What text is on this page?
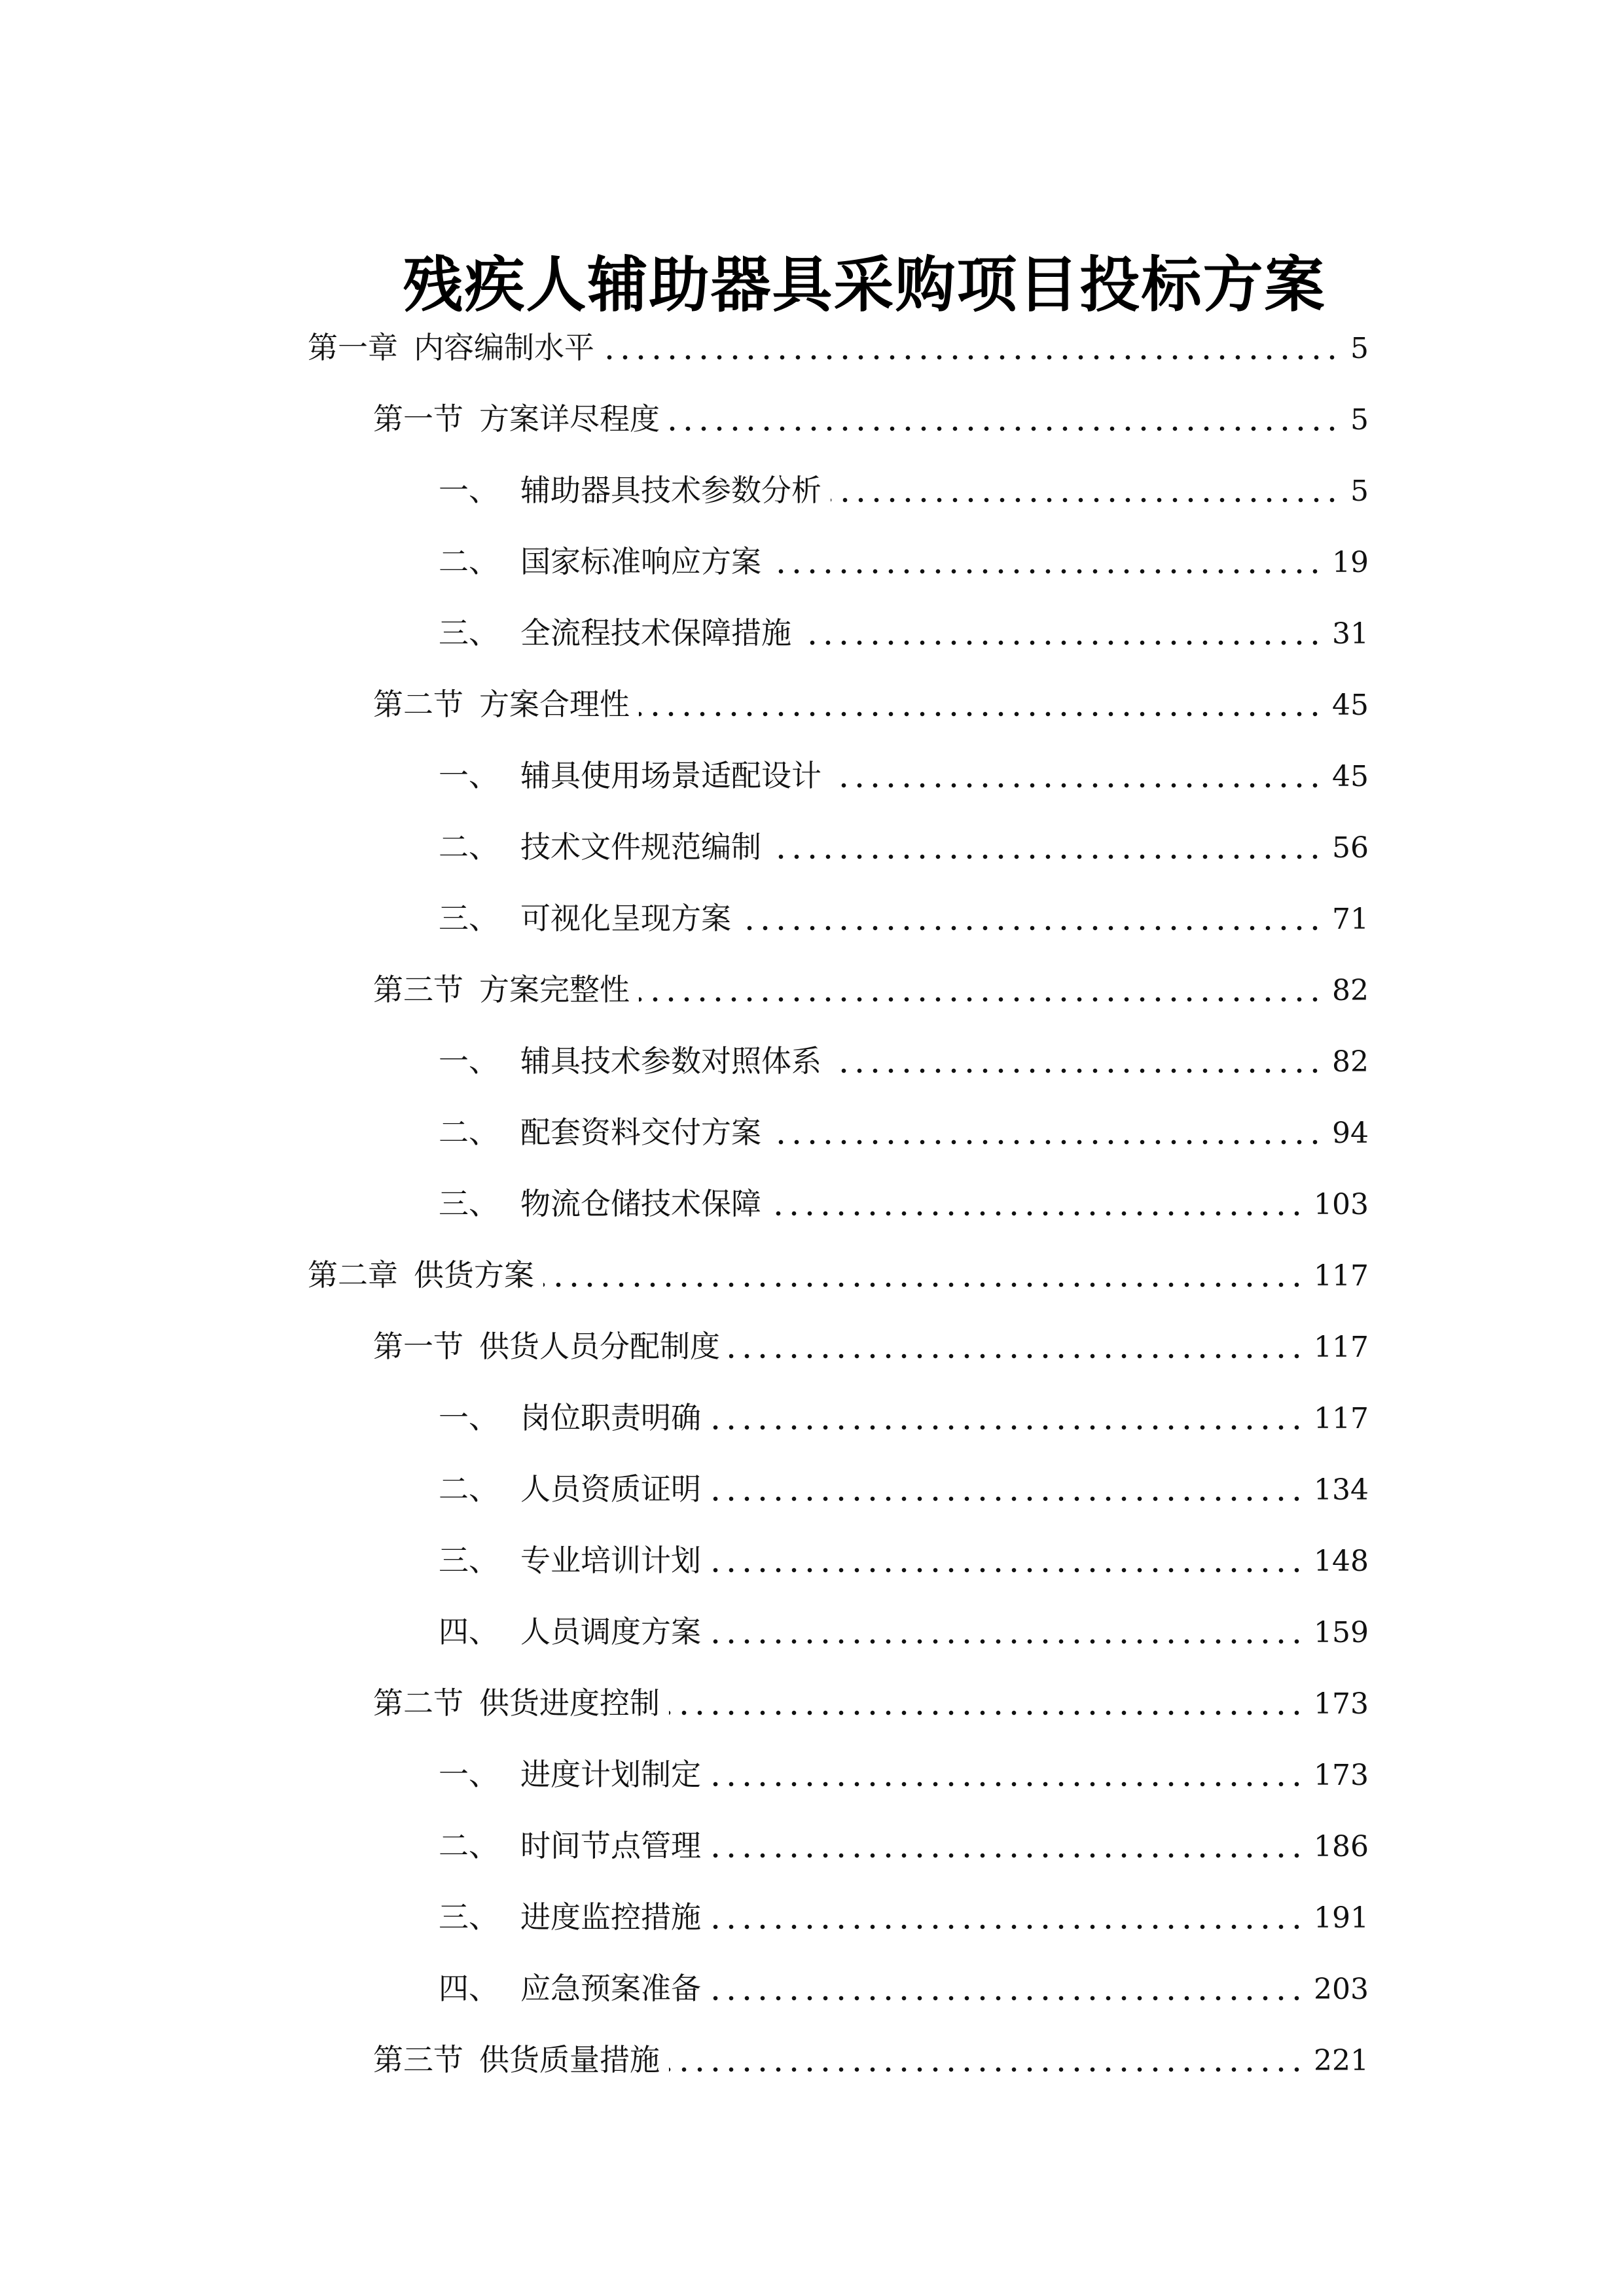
残疾人辅助器具采购项目投标方案
第一章 内容编制水平	5
第一节 方案详尽程度	5
一、 辅助器具技术参数分析	5
二、 国家标准响应方案	19
三、 全流程技术保障措施	31
第二节 方案合理性	45
一、 辅具使用场景适配设计	45
二、 技术文件规范编制	56
三、 可视化呈现方案	71
第三节 方案完整性	82
一、 辅具技术参数对照体系	82
二、 配套资料交付方案	94
三、 物流仓储技术保障	103
第二章 供货方案	117
第一节 供货人员分配制度	117
一、 岗位职责明确	117
二、 人员资质证明	134
三、 专业培训计划	148
四、 人员调度方案	159
第二节 供货进度控制	173
一、 进度计划制定	173
二、 时间节点管理	186
三、 进度监控措施	191
四、 应急预案准备	203
第三节 供货质量措施	221
